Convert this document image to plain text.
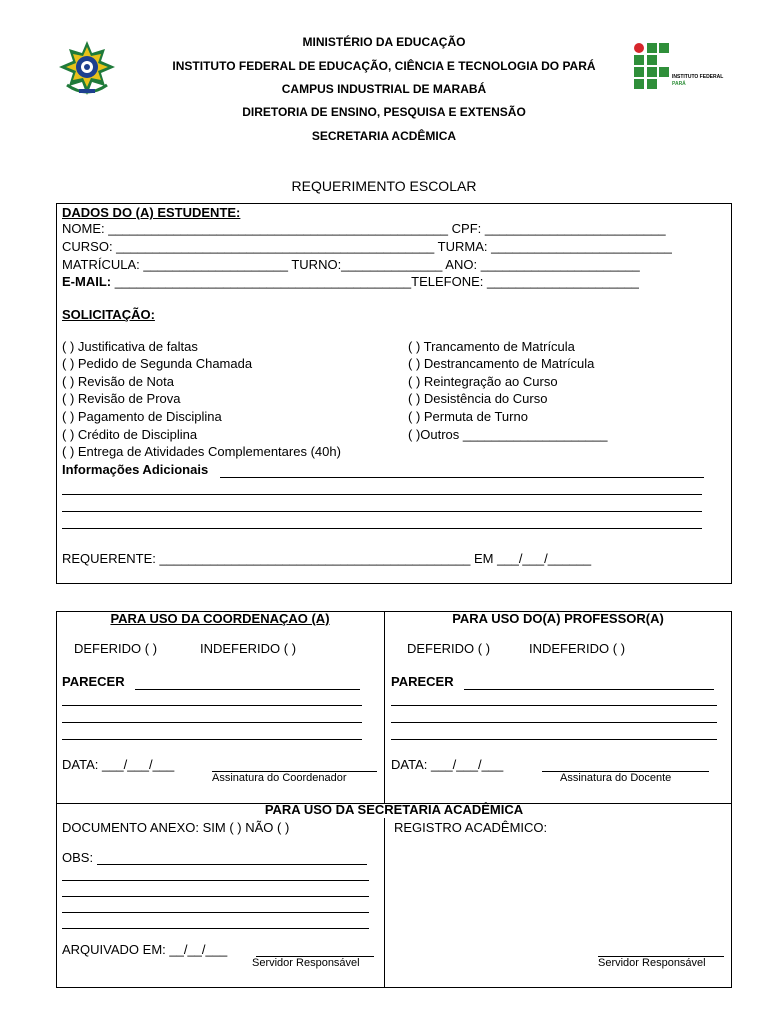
MINISTÉRIO DA EDUCAÇÃO
INSTITUTO FEDERAL DE EDUCAÇÃO, CIÊNCIA E TECNOLOGIA DO PARÁ
CAMPUS INDUSTRIAL DE MARABÁ
DIRETORIA DE ENSINO, PESQUISA E EXTENSÃO
SECRETARIA ACDÊMICA
INSTITUTO FEDERAL
PARÁ
REQUERIMENTO ESCOLAR
DADOS DO (A) ESTUDENTE:
NOME: _______________________________________________ CPF: _________________________
CURSO: ____________________________________________ TURMA: _________________________
MATRÍCULA: ____________________ TURNO:______________ ANO: ______________________
E-MAIL: _________________________________________TELEFONE: _____________________
SOLICITAÇÃO:
( ) Justificativa de faltas
( ) Pedido de Segunda Chamada
( ) Revisão de Nota
( ) Revisão de Prova
( ) Pagamento de Disciplina
( ) Crédito de Disciplina
( ) Entrega de Atividades Complementares (40h)
( ) Trancamento de Matrícula
( ) Destrancamento de Matrícula
( ) Reintegração ao Curso
( ) Desistência do Curso
( ) Permuta de Turno
( )Outros ____________________
Informações Adicionais
REQUERENTE: ___________________________________________ EM ___/___/______
PARA USO DA COORDENAÇAO (A)
DEFERIDO ( )	INDEFERIDO ( )
PARECER
DATA: ___/___/___
Assinatura do Coordenador
PARA USO DO(A) PROFESSOR(A)
DEFERIDO ( )	INDEFERIDO ( )
PARECER
DATA: ___/___/___
Assinatura do Docente
PARA USO DA SECRETARIA ACADÊMICA
DOCUMENTO ANEXO: SIM ( ) NÃO ( )
OBS:
ARQUIVADO EM: __/__/___
Servidor Responsável
REGISTRO ACADÊMICO:
Servidor Responsável
